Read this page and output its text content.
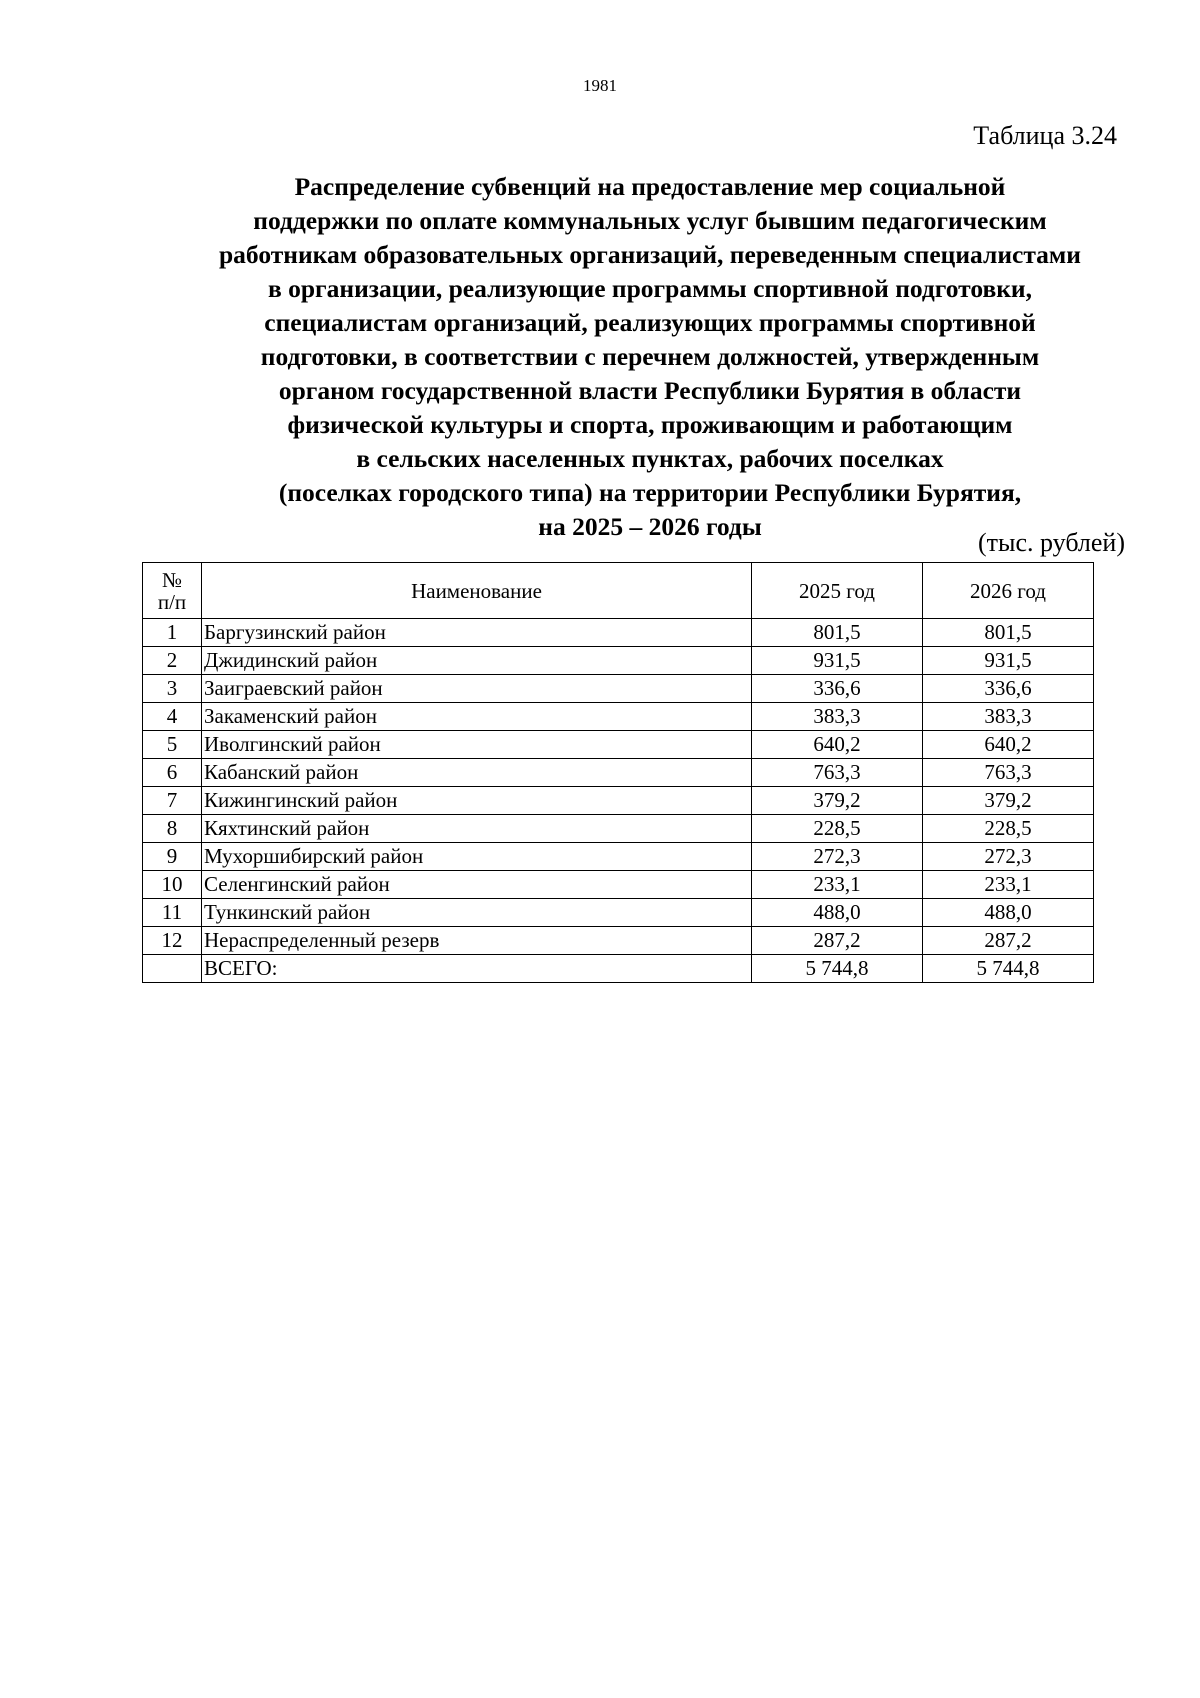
1981
Таблица 3.24
Распределение субвенций на предоставление мер социальной
поддержки по оплате коммунальных услуг бывшим педагогическим
работникам образовательных организаций, переведенным специалистами
в организации, реализующие программы спортивной подготовки,
специалистам организаций, реализующих программы спортивной
подготовки, в соответствии с перечнем должностей, утвержденным
органом государственной власти Республики Бурятия в области
физической культуры и спорта, проживающим и работающим
в сельских населенных пунктах, рабочих поселках
(поселках городского типа) на территории Республики Бурятия,
на 2025 – 2026 годы
(тыс. рублей)
№
п/п	Наименование	2025 год	2026 год
1	Баргузинский район	801,5	801,5
2	Джидинский район	931,5	931,5
3	Заиграевский район	336,6	336,6
4	Закаменский район	383,3	383,3
5	Иволгинский район	640,2	640,2
6	Кабанский район	763,3	763,3
7	Кижингинский район	379,2	379,2
8	Кяхтинский район	228,5	228,5
9	Мухоршибирский район	272,3	272,3
10	Селенгинский район	233,1	233,1
11	Тункинский район	488,0	488,0
12	Нераспределенный резерв	287,2	287,2
	ВСЕГО:	5 744,8	5 744,8
